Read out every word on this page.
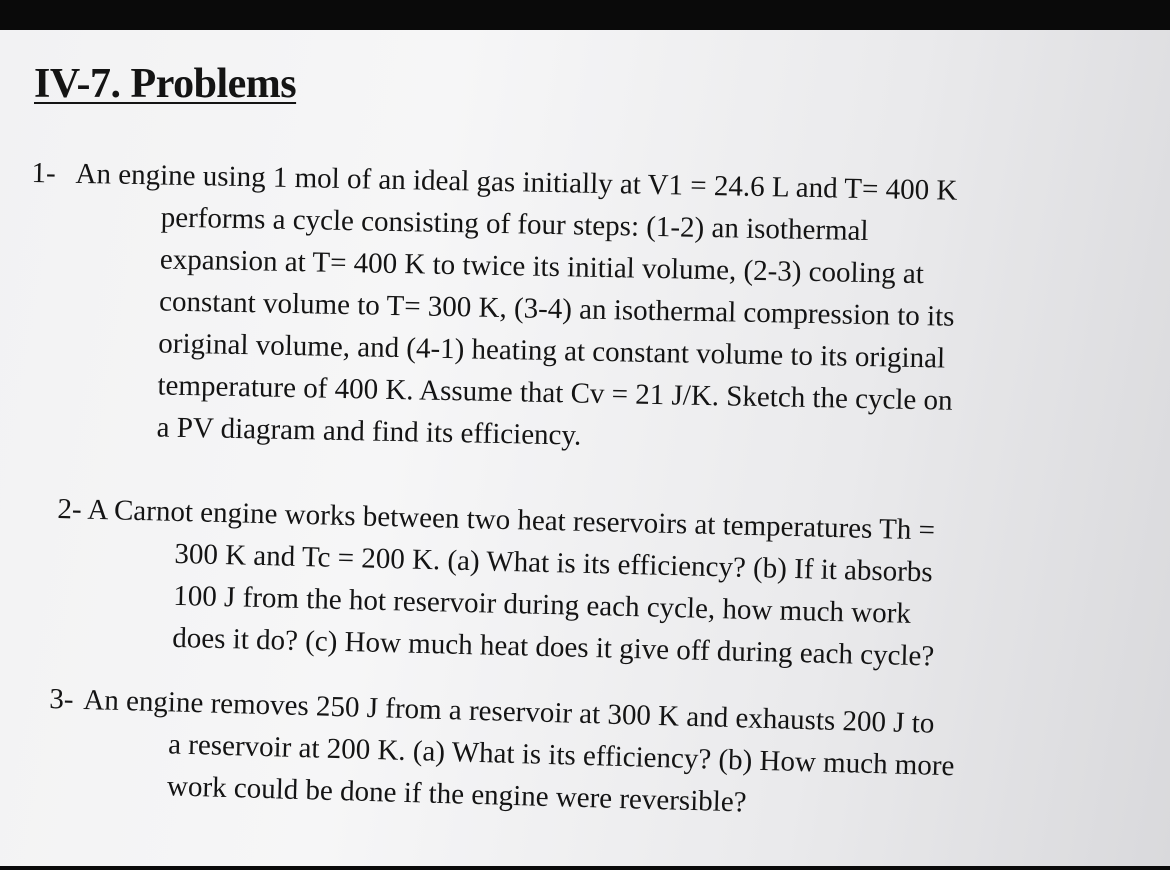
IV-7. Problems
1- An engine using 1 mol of an ideal gas initially at V1 = 24.6 L and T= 400 K
performs a cycle consisting of four steps: (1-2) an isothermal
expansion at T= 400 K to twice its initial volume, (2-3) cooling at
constant volume to T= 300 K, (3-4) an isothermal compression to its
original volume, and (4-1) heating at constant volume to its original
temperature of 400 K. Assume that Cv = 21 J/K. Sketch the cycle on
a PV diagram and find its efficiency.
2- A Carnot engine works between two heat reservoirs at temperatures Th =
300 K and Tc = 200 K. (a) What is its efficiency? (b) If it absorbs
100 J from the hot reservoir during each cycle, how much work
does it do? (c) How much heat does it give off during each cycle?
3- An engine removes 250 J from a reservoir at 300 K and exhausts 200 J to
a reservoir at 200 K. (a) What is its efficiency? (b) How much more
work could be done if the engine were reversible?
